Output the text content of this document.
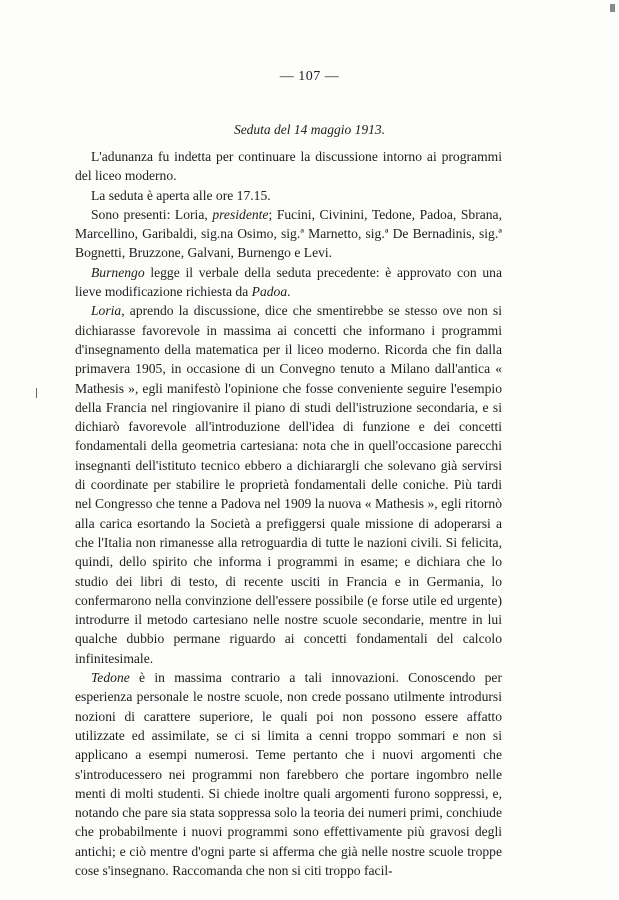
— 107 —
Seduta del 14 maggio 1913.

L'adunanza fu indetta per continuare la discussione intorno ai programmi del liceo moderno.

La seduta è aperta alle ore 17.15.

Sono presenti: Loria, presidente; Fucini, Civinini, Tedone, Padoa, Sbrana, Marcellino, Garibaldi, sig.na Osimo, sig.ª Marnetto, sig.ª De Bernadinis, sig.ª Bognetti, Bruzzone, Galvani, Burnengo e Levi.

Burnengo legge il verbale della seduta precedente: è approvato con una lieve modificazione richiesta da Padoa.

Loria, aprendo la discussione, dice che smentirebbe se stesso ove non si dichiarasse favorevole in massima ai concetti che informano i programmi d'insegnamento della matematica per il liceo moderno. Ricorda che fin dalla primavera 1905, in occasione di un Convegno tenuto a Milano dall'antica « Mathesis », egli manifestò l'opinione che fosse conveniente seguire l'esempio della Francia nel ringiovanire il piano di studi dell'istruzione secondaria, e si dichiarò favorevole all'introduzione dell'idea di funzione e dei concetti fondamentali della geometria cartesiana: nota che in quell'occasione parecchi insegnanti dell'istituto tecnico ebbero a dichiarargli che solevano già servirsi di coordinate per stabilire le proprietà fondamentali delle coniche. Più tardi nel Congresso che tenne a Padova nel 1909 la nuova « Mathesis », egli ritornò alla carica esortando la Società a prefiggersi quale missione di adoperarsi a che l'Italia non rimanesse alla retroguardia di tutte le nazioni civili. Si felicita, quindi, dello spirito che informa i programmi in esame; e dichiara che lo studio dei libri di testo, di recente usciti in Francia e in Germania, lo confermarono nella convinzione dell'essere possibile (e forse utile ed urgente) introdurre il metodo cartesiano nelle nostre scuole secondarie, mentre in lui qualche dubbio permane riguardo ai concetti fondamentali del calcolo infinitesimale.

Tedone è in massima contrario a tali innovazioni. Conoscendo per esperienza personale le nostre scuole, non crede possano utilmente introdursi nozioni di carattere superiore, le quali poi non possono essere affatto utilizzate ed assimilate, se ci si limita a cenni troppo sommari e non si applicano a esempi numerosi. Teme pertanto che i nuovi argomenti che s'introducessero nei programmi non farebbero che portare ingombro nelle menti di molti studenti. Si chiede inoltre quali argomenti furono soppressi, e, notando che pare sia stata soppressa solo la teoria dei numeri primi, conchiude che probabilmente i nuovi programmi sono effettivamente più gravosi degli antichi; e ciò mentre d'ogni parte si afferma che già nelle nostre scuole troppe cose s'insegnano. Raccomanda che non si citi troppo facil-
